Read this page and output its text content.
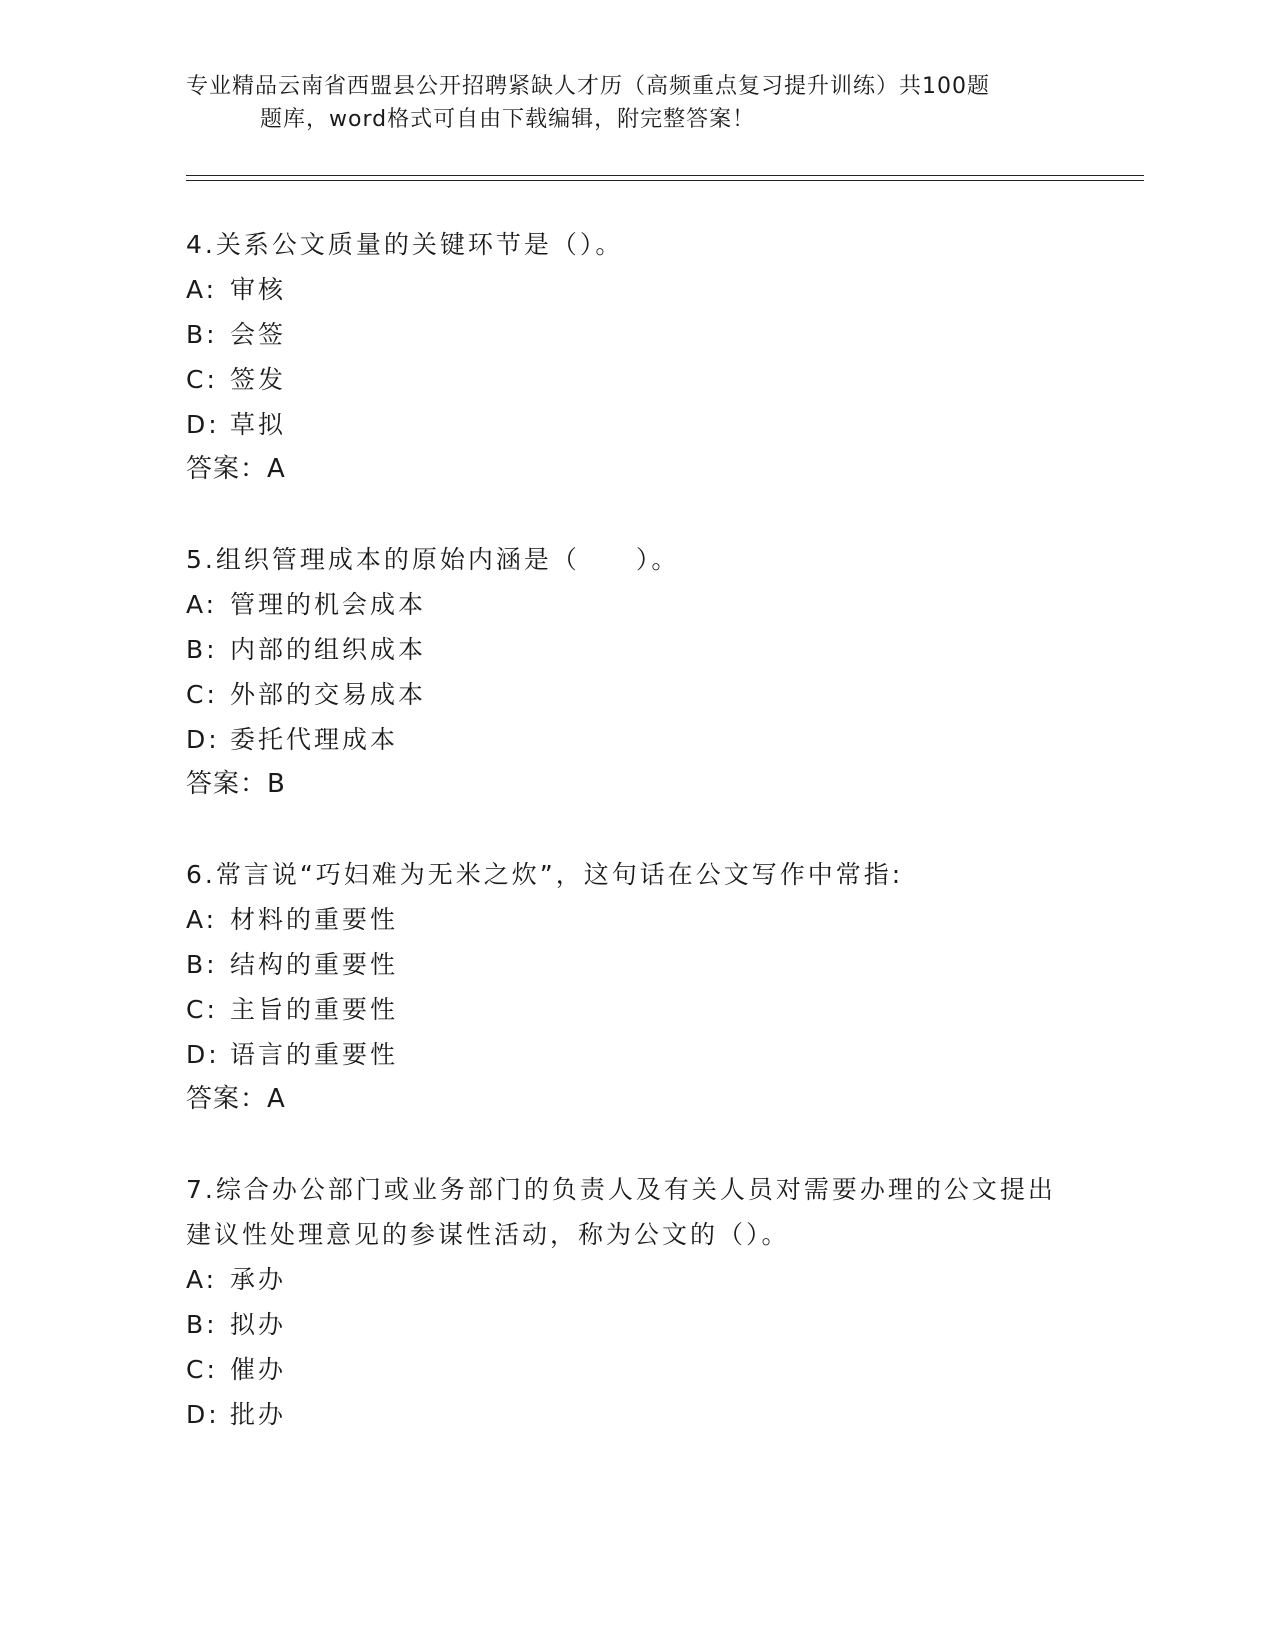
专业精品云南省西盟县公开招聘紧缺人才历（高频重点复习提升训练）共100题
题库，word格式可自由下载编辑，附完整答案！

4.关系公文质量的关键环节是（）。

A: 审核
B: 会签
C: 签发
D: 草拟

答案：A

5.组织管理成本的原始内涵是（　　）。

A: 管理的机会成本
B: 内部的组织成本
C: 外部的交易成本
D: 委托代理成本

答案：B

6.常言说“巧妇难为无米之炊”，这句话在公文写作中常指:

A: 材料的重要性
B: 结构的重要性
C: 主旨的重要性
D: 语言的重要性

答案：A

7.综合办公部门或业务部门的负责人及有关人员对需要办理的公文提出建议性处理意见的参谋性活动，称为公文的（）。

A: 承办
B: 拟办
C: 催办
D: 批办
